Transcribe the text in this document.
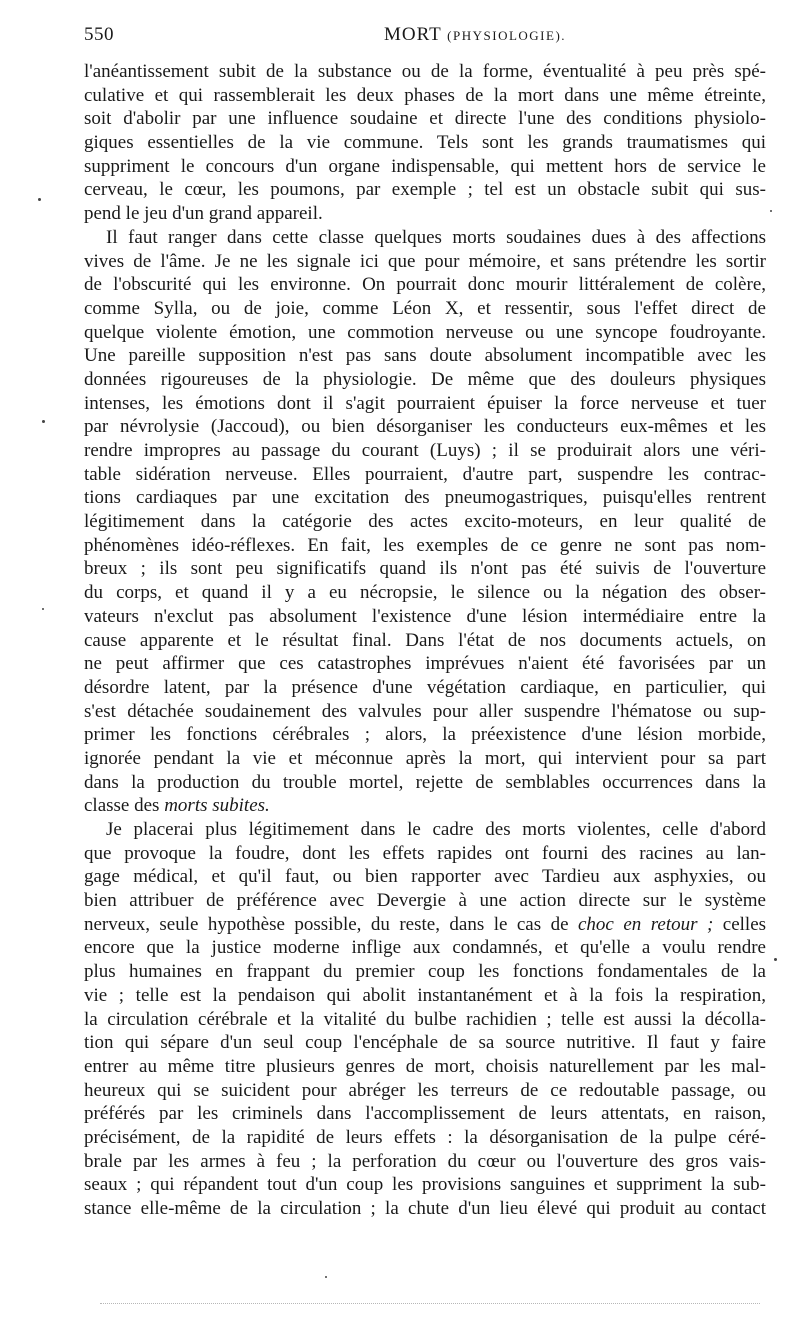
550	MORT (PHYSIOLOGIE).
l'anéantissement subit de la substance ou de la forme, éventualité à peu près spé-
culative et qui rassemblerait les deux phases de la mort dans une même étreinte,
soit d'abolir par une influence soudaine et directe l'une des conditions physiolo-
giques essentielles de la vie commune. Tels sont les grands traumatismes qui
suppriment le concours d'un organe indispensable, qui mettent hors de service le
cerveau, le cœur, les poumons, par exemple ; tel est un obstacle subit qui sus-
pend le jeu d'un grand appareil.
Il faut ranger dans cette classe quelques morts soudaines dues à des affections
vives de l'âme. Je ne les signale ici que pour mémoire, et sans prétendre les sortir
de l'obscurité qui les environne. On pourrait donc mourir littéralement de colère,
comme Sylla, ou de joie, comme Léon X, et ressentir, sous l'effet direct de
quelque violente émotion, une commotion nerveuse ou une syncope foudroyante.
Une pareille supposition n'est pas sans doute absolument incompatible avec les
données rigoureuses de la physiologie. De même que des douleurs physiques
intenses, les émotions dont il s'agit pourraient épuiser la force nerveuse et tuer
par névrolysie (Jaccoud), ou bien désorganiser les conducteurs eux-mêmes et les
rendre impropres au passage du courant (Luys) ; il se produirait alors une véri-
table sidération nerveuse. Elles pourraient, d'autre part, suspendre les contrac-
tions cardiaques par une excitation des pneumogastriques, puisqu'elles rentrent
légitimement dans la catégorie des actes excito-moteurs, en leur qualité de
phénomènes idéo-réflexes. En fait, les exemples de ce genre ne sont pas nom-
breux ; ils sont peu significatifs quand ils n'ont pas été suivis de l'ouverture
du corps, et quand il y a eu nécropsie, le silence ou la négation des obser-
vateurs n'exclut pas absolument l'existence d'une lésion intermédiaire entre la
cause apparente et le résultat final. Dans l'état de nos documents actuels, on
ne peut affirmer que ces catastrophes imprévues n'aient été favorisées par un
désordre latent, par la présence d'une végétation cardiaque, en particulier, qui
s'est détachée soudainement des valvules pour aller suspendre l'hématose ou sup-
primer les fonctions cérébrales ; alors, la préexistence d'une lésion morbide,
ignorée pendant la vie et méconnue après la mort, qui intervient pour sa part
dans la production du trouble mortel, rejette de semblables occurrences dans la
classe des morts subites.
Je placerai plus légitimement dans le cadre des morts violentes, celle d'abord
que provoque la foudre, dont les effets rapides ont fourni des racines au lan-
gage médical, et qu'il faut, ou bien rapporter avec Tardieu aux asphyxies, ou
bien attribuer de préférence avec Devergie à une action directe sur le système
nerveux, seule hypothèse possible, du reste, dans le cas de choc en retour ; celles
encore que la justice moderne inflige aux condamnés, et qu'elle a voulu rendre
plus humaines en frappant du premier coup les fonctions fondamentales de la
vie ; telle est la pendaison qui abolit instantanément et à la fois la respiration,
la circulation cérébrale et la vitalité du bulbe rachidien ; telle est aussi la décolla-
tion qui sépare d'un seul coup l'encéphale de sa source nutritive. Il faut y faire
entrer au même titre plusieurs genres de mort, choisis naturellement par les mal-
heureux qui se suicident pour abréger les terreurs de ce redoutable passage, ou
préférés par les criminels dans l'accomplissement de leurs attentats, en raison,
précisément, de la rapidité de leurs effets : la désorganisation de la pulpe céré-
brale par les armes à feu ; la perforation du cœur ou l'ouverture des gros vais-
seaux ; qui répandent tout d'un coup les provisions sanguines et suppriment la sub-
stance elle-même de la circulation ; la chute d'un lieu élevé qui produit au contact
